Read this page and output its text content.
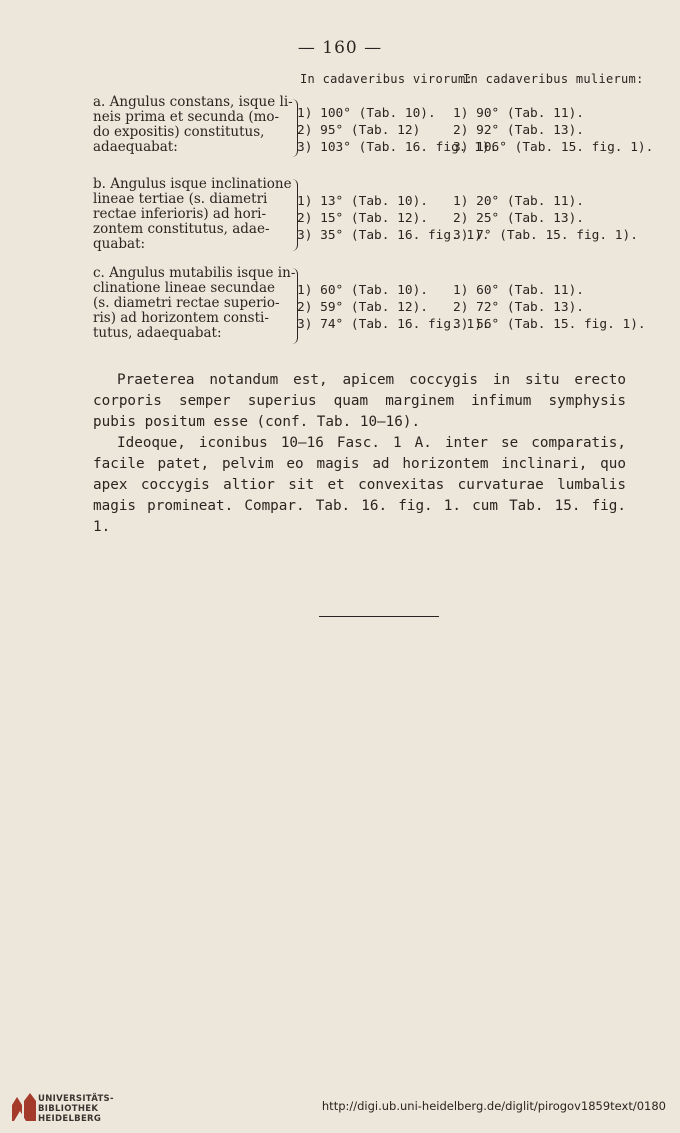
— 160 —
In cadaveribus virorum:
In cadaveribus mulierum:
a. Angulus constans, isque li-
neis prima et secunda (mo-
do expositis) constitutus,
adaequabat:
1) 100° (Tab. 10).
2) 95° (Tab. 12)
3) 103° (Tab. 16. fig. 1).
1) 90° (Tab. 11).
2) 92° (Tab. 13).
3) 106° (Tab. 15. fig. 1).
b. Angulus isque inclinatione
lineae tertiae (s. diametri
rectae inferioris) ad hori-
zontem constitutus, adae-
quabat:
1) 13° (Tab. 10).
2) 15° (Tab. 12).
3) 35° (Tab. 16. fig. 1).
1) 20° (Tab. 11).
2) 25° (Tab. 13).
3) 7° (Tab. 15. fig. 1).
c. Angulus mutabilis isque in-
clinatione lineae secundae
(s. diametri rectae superio-
ris) ad horizontem consti-
tutus, adaequabat:
1) 60° (Tab. 10).
2) 59° (Tab. 12).
3) 74° (Tab. 16. fig. 1).
1) 60° (Tab. 11).
2) 72° (Tab. 13).
3) 56° (Tab. 15. fig. 1).

Praeterea notandum est, apicem coccygis in situ erecto corporis semper superius quam marginem infimum symphysis pubis positum esse (conf. Tab. 10—16).

Ideoque, iconibus 10—16 Fasc. 1 A. inter se comparatis, facile patet, pelvim eo magis ad horizontem inclinari, quo apex coccygis altior sit et convexitas curvaturae lumbalis magis promineat. Compar. Tab. 16. fig. 1. cum Tab. 15. fig. 1.

UNIVERSITÄTS-
BIBLIOTHEK
HEIDELBERG
http://digi.ub.uni-heidelberg.de/diglit/pirogov1859text/0180
